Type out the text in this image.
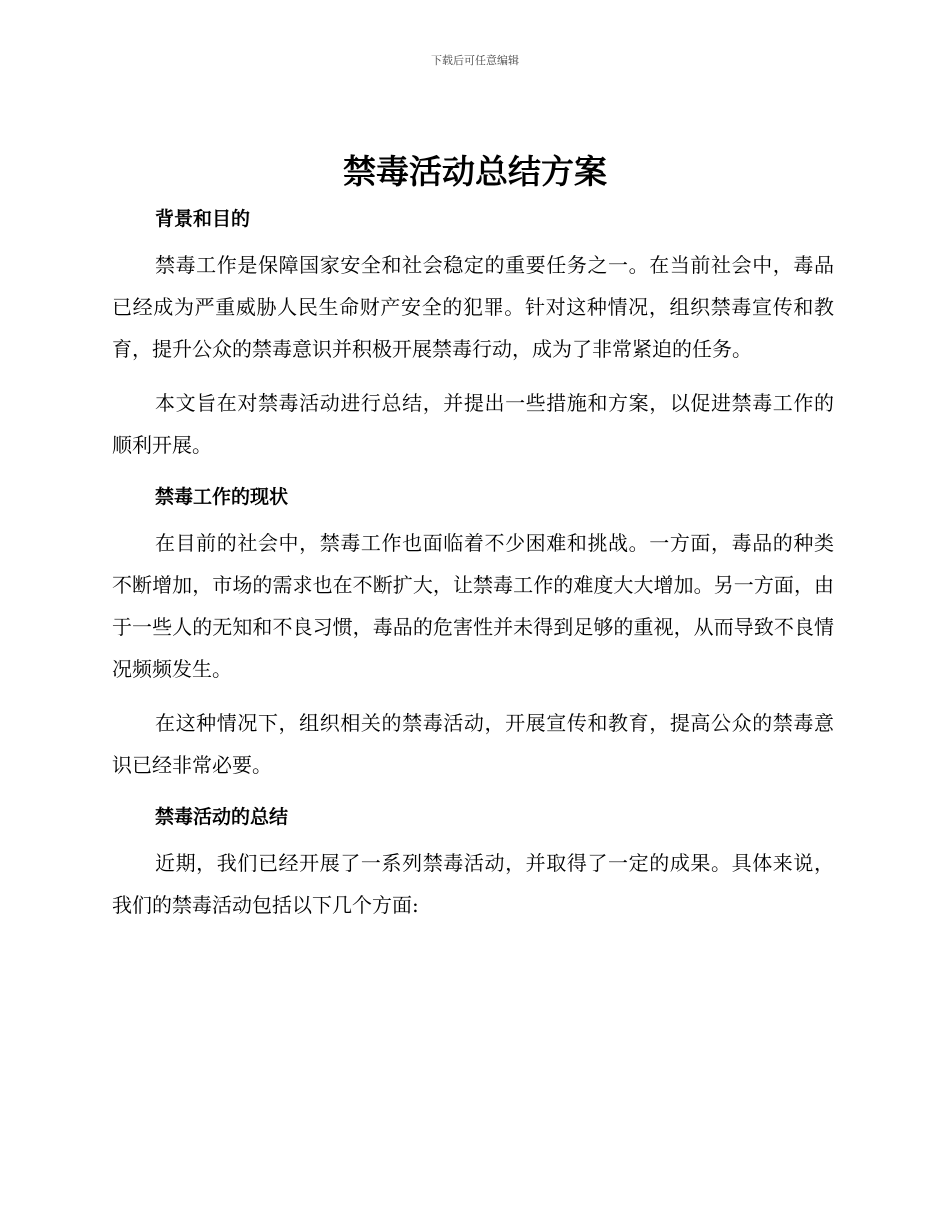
下载后可任意编辑
禁毒活动总结方案
背景和目的

禁毒工作是保障国家安全和社会稳定的重要任务之一。在当前社会中，毒品已经成为严重威胁人民生命财产安全的犯罪。针对这种情况，组织禁毒宣传和教育，提升公众的禁毒意识并积极开展禁毒行动，成为了非常紧迫的任务。

本文旨在对禁毒活动进行总结，并提出一些措施和方案，以促进禁毒工作的顺利开展。

禁毒工作的现状

在目前的社会中，禁毒工作也面临着不少困难和挑战。一方面，毒品的种类不断增加，市场的需求也在不断扩大，让禁毒工作的难度大大增加。另一方面，由于一些人的无知和不良习惯，毒品的危害性并未得到足够的重视，从而导致不良情况频频发生。

在这种情况下，组织相关的禁毒活动，开展宣传和教育，提高公众的禁毒意识已经非常必要。

禁毒活动的总结

近期，我们已经开展了一系列禁毒活动，并取得了一定的成果。具体来说，我们的禁毒活动包括以下几个方面:
